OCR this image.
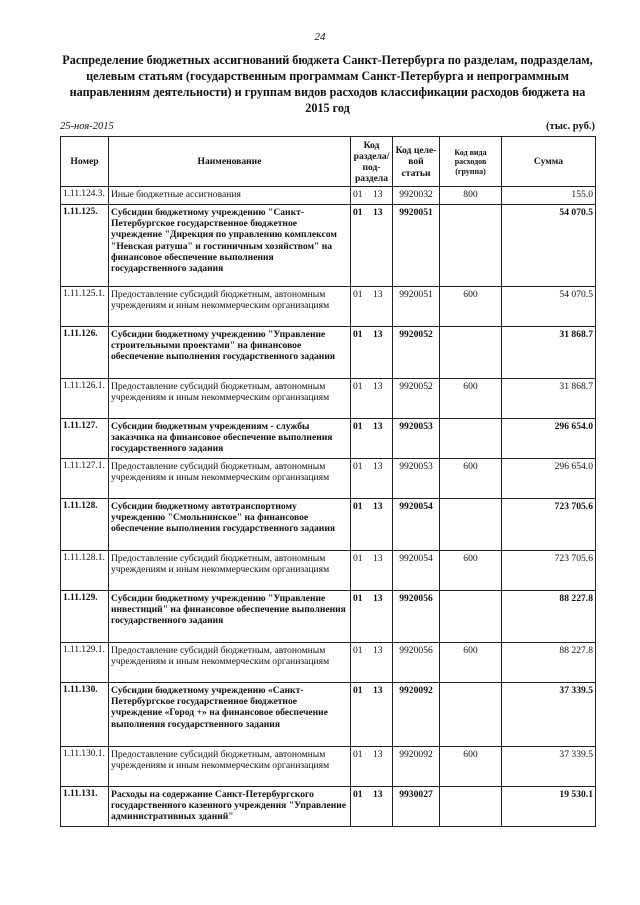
24
Распределение бюджетных ассигнований бюджета Санкт-Петербурга по разделам, подразделам, целевым статьям (государственным программам Санкт-Петербурга и непрограммным направлениям деятельности) и группам видов расходов классификации расходов бюджета на 2015 год
25-ноя-2015	(тыс. руб.)
Номер	Наименование	Код раздела/ под- раздела	Код целе- вой статьи	Код вида расходов (группа)	Сумма
1.11.124.3.	Иные бюджетные ассигнования	01 13	9920032	800	155.0
1.11.125.	Субсидии бюджетному учреждению "Санкт-Петербургское государственное бюджетное учреждение "Дирекция по управлению комплексом "Невская ратуша" и гостиничным хозяйством" на финансовое обеспечение выполнения государственного задания	01 13	9920051		54 070.5
1.11.125.1.	Предоставление субсидий бюджетным, автономным учреждениям и иным некоммерческим организациям	01 13	9920051	600	54 070.5
1.11.126.	Субсидии бюджетному учреждению "Управление строительными проектами" на финансовое обеспечение выполнения государственного задания	01 13	9920052		31 868.7
1.11.126.1.	Предоставление субсидий бюджетным, автономным учреждениям и иным некоммерческим организациям	01 13	9920052	600	31 868.7
1.11.127.	Субсидии бюджетным учреждениям - службы заказчика на финансовое обеспечение выполнения государственного задания	01 13	9920053		296 654.0
1.11.127.1.	Предоставление субсидий бюджетным, автономным учреждениям и иным некоммерческим организациям	01 13	9920053	600	296 654.0
1.11.128.	Субсидии бюджетному автотранспортному учреждению "Смольнинское" на финансовое обеспечение выполнения государственного задания	01 13	9920054		723 705.6
1.11.128.1.	Предоставление субсидий бюджетным, автономным учреждениям и иным некоммерческим организациям	01 13	9920054	600	723 705.6
1.11.129.	Субсидии бюджетному учреждению "Управление инвестиций" на финансовое обеспечение выполнения государственного задания	01 13	9920056		88 227.8
1.11.129.1.	Предоставление субсидий бюджетным, автономным учреждениям и иным некоммерческим организациям	01 13	9920056	600	88 227.8
1.11.130.	Субсидии бюджетному учреждению «Санкт-Петербургское государственное бюджетное учреждение «Город +» на финансовое обеспечение выполнения государственного задания	01 13	9920092		37 339.5
1.11.130.1.	Предоставление субсидий бюджетным, автономным учреждениям и иным некоммерческим организациям	01 13	9920092	600	37 339.5
1.11.131.	Расходы на содержание Санкт-Петербургского государственного казенного учреждения "Управление административных зданий"	01 13	9930027		19 530.1
